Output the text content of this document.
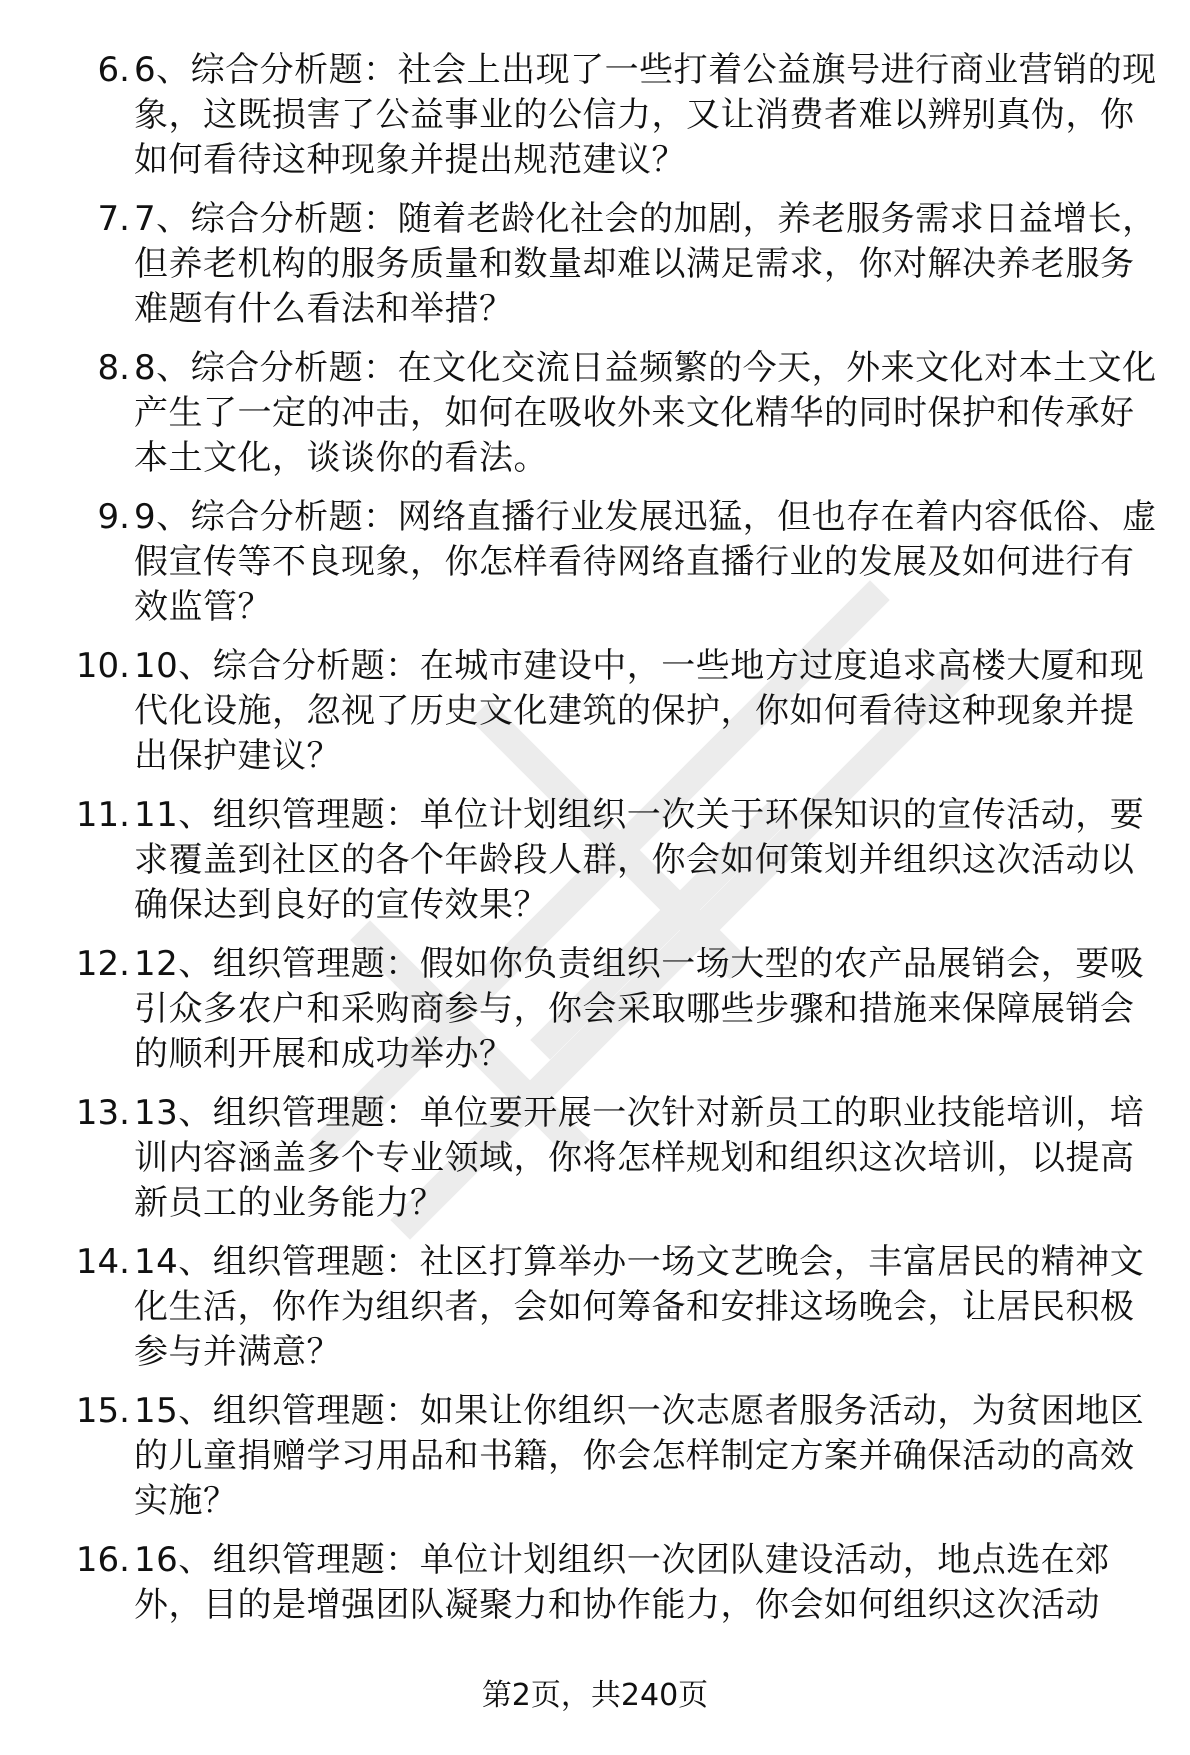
6. 6、综合分析题：社会上出现了一些打着公益旗号进行商业营销的现象，这既损害了公益事业的公信力，又让消费者难以辨别真伪，你如何看待这种现象并提出规范建议？
7. 7、综合分析题：随着老龄化社会的加剧，养老服务需求日益增长，但养老机构的服务质量和数量却难以满足需求，你对解决养老服务难题有什么看法和举措？
8. 8、综合分析题：在文化交流日益频繁的今天，外来文化对本土文化产生了一定的冲击，如何在吸收外来文化精华的同时保护和传承好本土文化，谈谈你的看法。
9. 9、综合分析题：网络直播行业发展迅猛，但也存在着内容低俗、虚假宣传等不良现象，你怎样看待网络直播行业的发展及如何进行有效监管？
10. 10、综合分析题：在城市建设中，一些地方过度追求高楼大厦和现代化设施，忽视了历史文化建筑的保护，你如何看待这种现象并提出保护建议？
11. 11、组织管理题：单位计划组织一次关于环保知识的宣传活动，要求覆盖到社区的各个年龄段人群，你会如何策划并组织这次活动以确保达到良好的宣传效果？
12. 12、组织管理题：假如你负责组织一场大型的农产品展销会，要吸引众多农户和采购商参与，你会采取哪些步骤和措施来保障展销会的顺利开展和成功举办？
13. 13、组织管理题：单位要开展一次针对新员工的职业技能培训，培训内容涵盖多个专业领域，你将怎样规划和组织这次培训，以提高新员工的业务能力？
14. 14、组织管理题：社区打算举办一场文艺晚会，丰富居民的精神文化生活，你作为组织者，会如何筹备和安排这场晚会，让居民积极参与并满意？
15. 15、组织管理题：如果让你组织一次志愿者服务活动，为贫困地区的儿童捐赠学习用品和书籍，你会怎样制定方案并确保活动的高效实施？
16. 16、组织管理题：单位计划组织一次团队建设活动，地点选在郊外，目的是增强团队凝聚力和协作能力，你会如何组织这次活动
第2页，共240页
